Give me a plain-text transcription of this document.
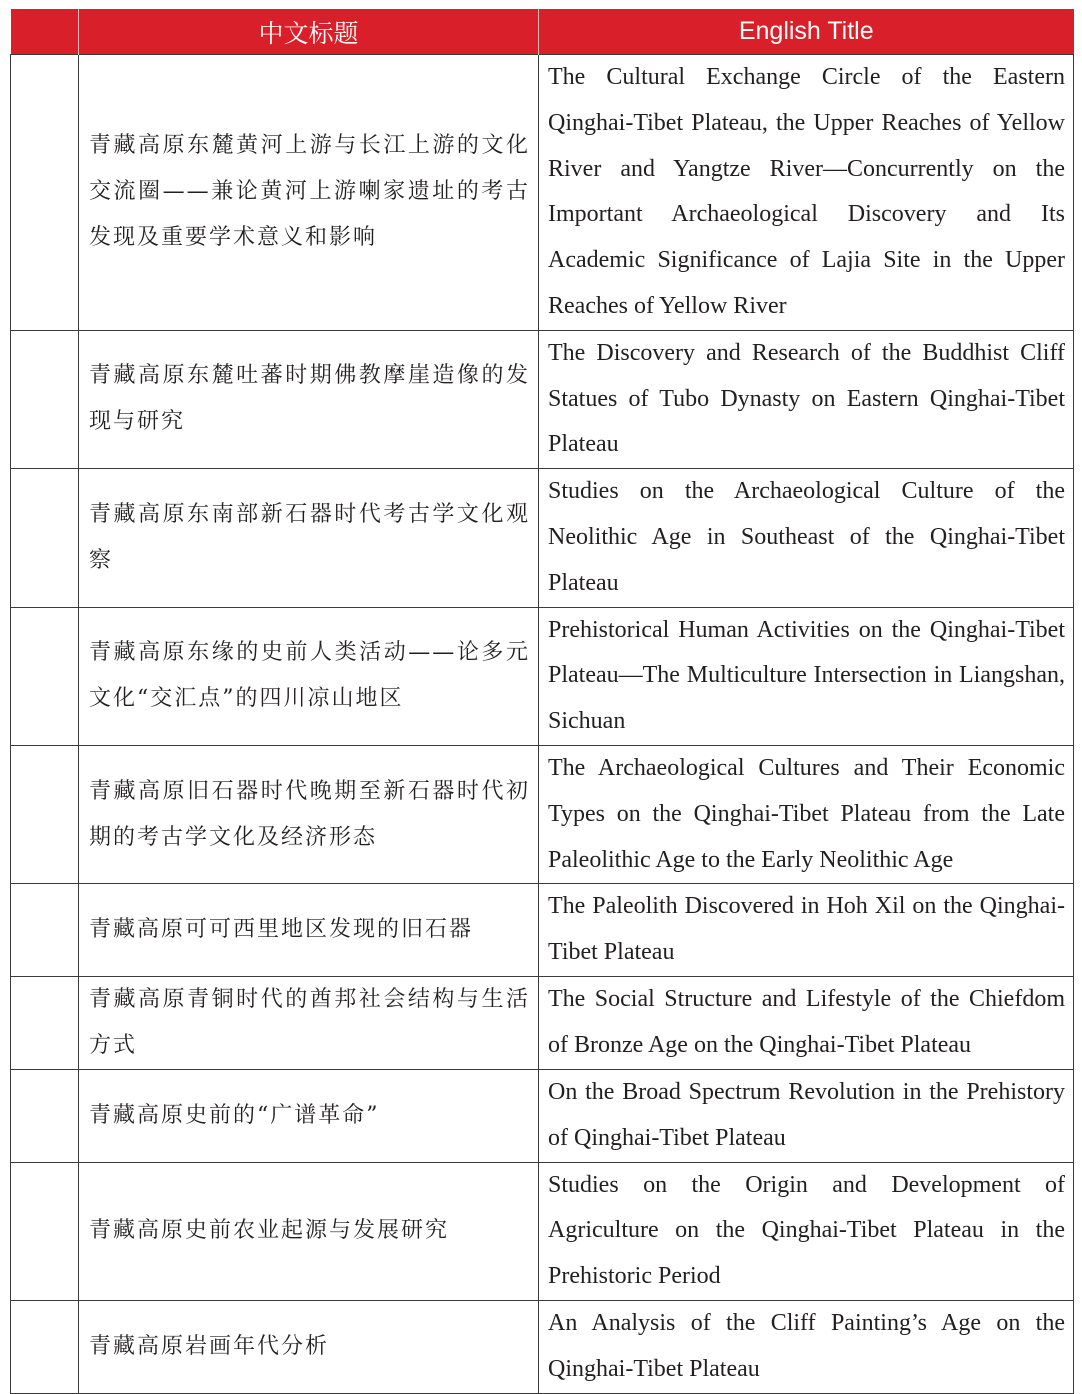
	中文标题	English Title
	青藏高原东麓黄河上游与长江上游的文化交流圈——兼论黄河上游喇家遗址的考古发现及重要学术意义和影响	The Cultural Exchange Circle of the Eastern Qinghai-Tibet Plateau, the Upper Reaches of Yellow River and Yangtze River—Concurrently on the Important Archaeological Discovery and Its Academic Significance of Lajia Site in the Upper Reaches of Yellow River
	青藏高原东麓吐蕃时期佛教摩崖造像的发现与研究	The Discovery and Research of the Buddhist Cliff Statues of Tubo Dynasty on Eastern Qinghai-Tibet Plateau
	青藏高原东南部新石器时代考古学文化观察	Studies on the Archaeological Culture of the Neolithic Age in Southeast of the Qinghai-Tibet Plateau
	青藏高原东缘的史前人类活动——论多元文化“交汇点”的四川凉山地区	Prehistorical Human Activities on the Qinghai-Tibet Plateau—The Multiculture Intersection in Liangshan, Sichuan
	青藏高原旧石器时代晚期至新石器时代初期的考古学文化及经济形态	The Archaeological Cultures and Their Economic Types on the Qinghai-Tibet Plateau from the Late Paleolithic Age to the Early Neolithic Age
	青藏高原可可西里地区发现的旧石器	The Paleolith Discovered in Hoh Xil on the Qinghai-Tibet Plateau
	青藏高原青铜时代的酋邦社会结构与生活方式	The Social Structure and Lifestyle of the Chiefdom of Bronze Age on the Qinghai-Tibet Plateau
	青藏高原史前的“广谱革命”	On the Broad Spectrum Revolution in the Prehistory of Qinghai-Tibet Plateau
	青藏高原史前农业起源与发展研究	Studies on the Origin and Development of Agriculture on the Qinghai-Tibet Plateau in the Prehistoric Period
	青藏高原岩画年代分析	An Analysis of the Cliff Painting’s Age on the Qinghai-Tibet Plateau
